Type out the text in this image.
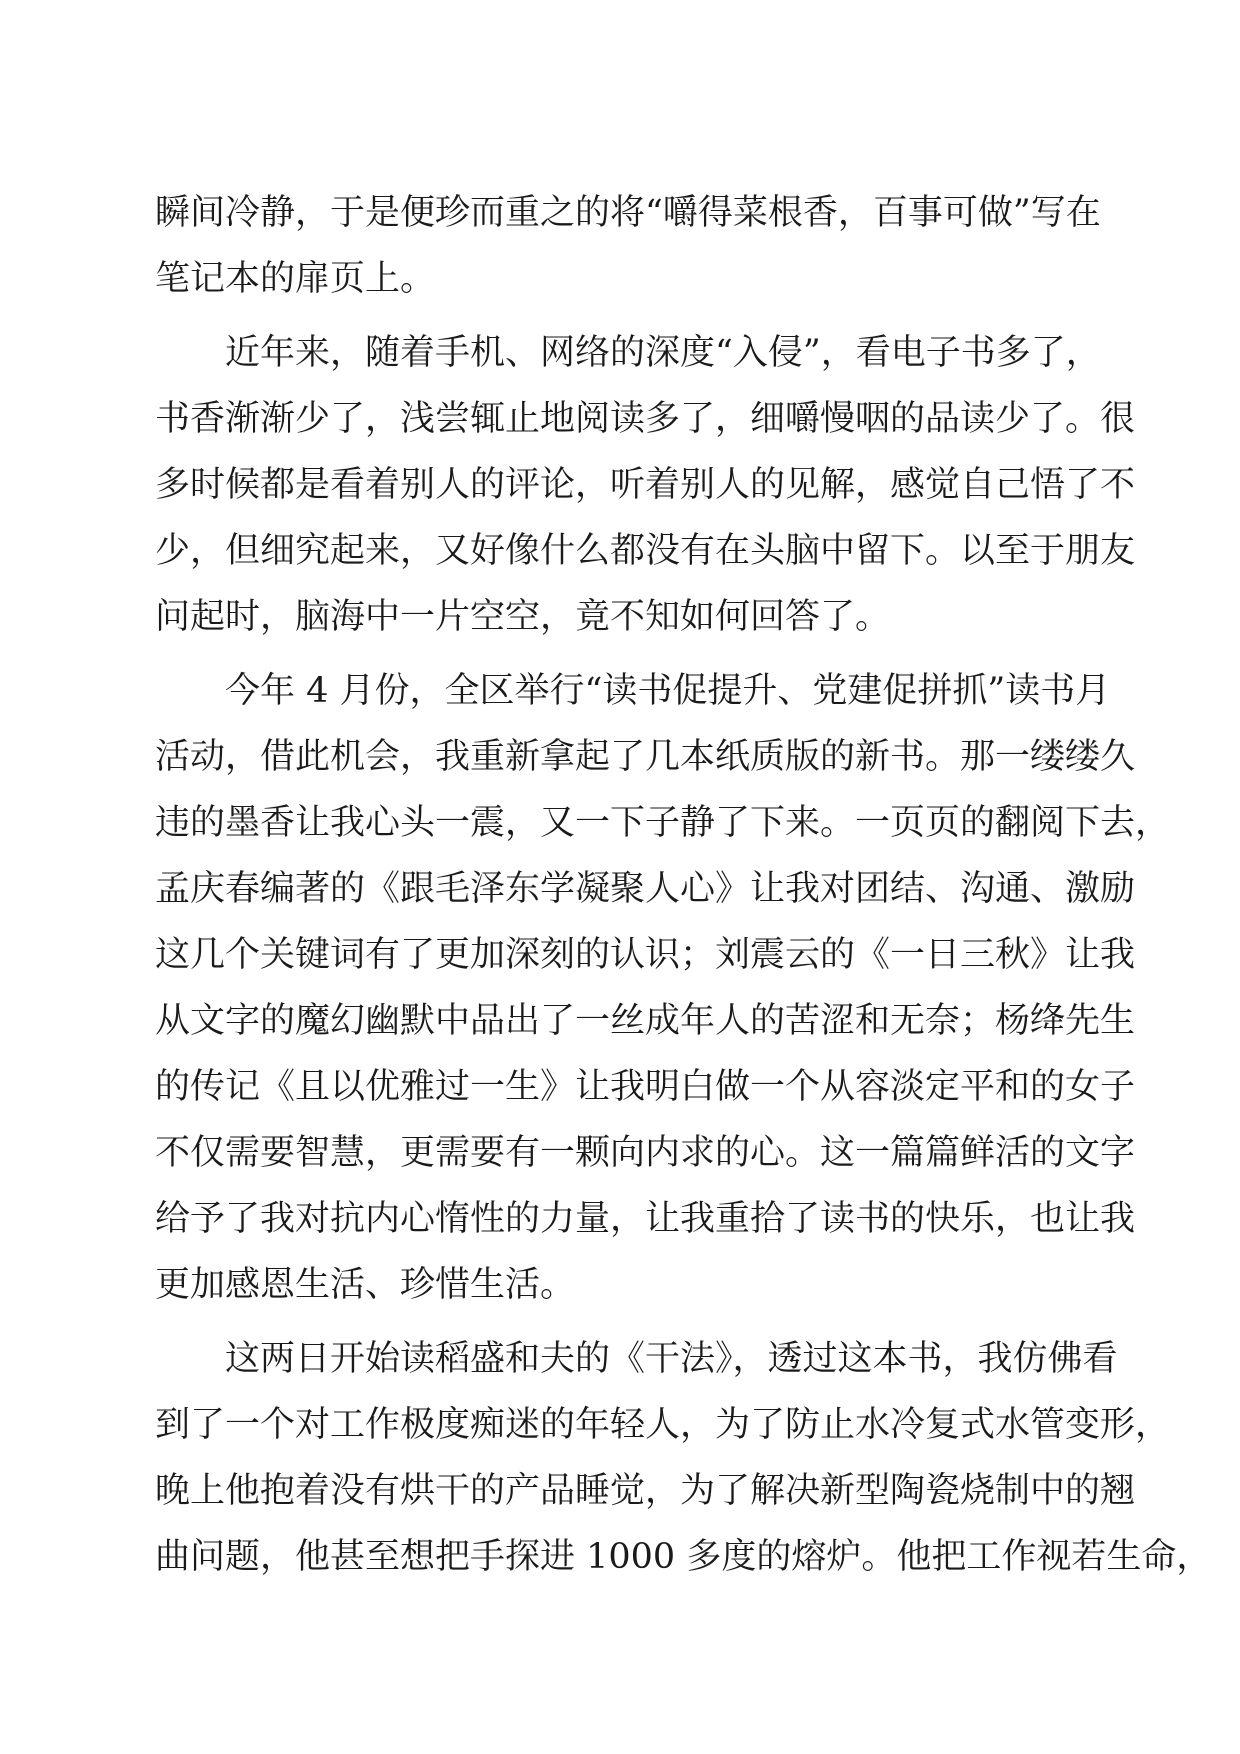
瞬间冷静，于是便珍而重之的将“嚼得菜根香，百事可做”写在
笔记本的扉页上。
近年来，随着手机、网络的深度“入侵”，看电子书多了，
书香渐渐少了，浅尝辄止地阅读多了，细嚼慢咽的品读少了。很
多时候都是看着别人的评论，听着别人的见解，感觉自己悟了不
少，但细究起来，又好像什么都没有在头脑中留下。以至于朋友
问起时，脑海中一片空空，竟不知如何回答了。
今年 4 月份，全区举行“读书促提升、党建促拼抓”读书月
活动，借此机会，我重新拿起了几本纸质版的新书。那一缕缕久
违的墨香让我心头一震，又一下子静了下来。一页页的翻阅下去，
孟庆春编著的《跟毛泽东学凝聚人心》让我对团结、沟通、激励
这几个关键词有了更加深刻的认识；刘震云的《一日三秋》让我
从文字的魔幻幽默中品出了一丝成年人的苦涩和无奈；杨绛先生
的传记《且以优雅过一生》让我明白做一个从容淡定平和的女子
不仅需要智慧，更需要有一颗向内求的心。这一篇篇鲜活的文字
给予了我对抗内心惰性的力量，让我重拾了读书的快乐，也让我
更加感恩生活、珍惜生活。
这两日开始读稻盛和夫的《干法》，透过这本书，我仿佛看
到了一个对工作极度痴迷的年轻人，为了防止水冷复式水管变形，
晚上他抱着没有烘干的产品睡觉，为了解决新型陶瓷烧制中的翘
曲问题，他甚至想把手探进 1000 多度的熔炉。他把工作视若生命，
